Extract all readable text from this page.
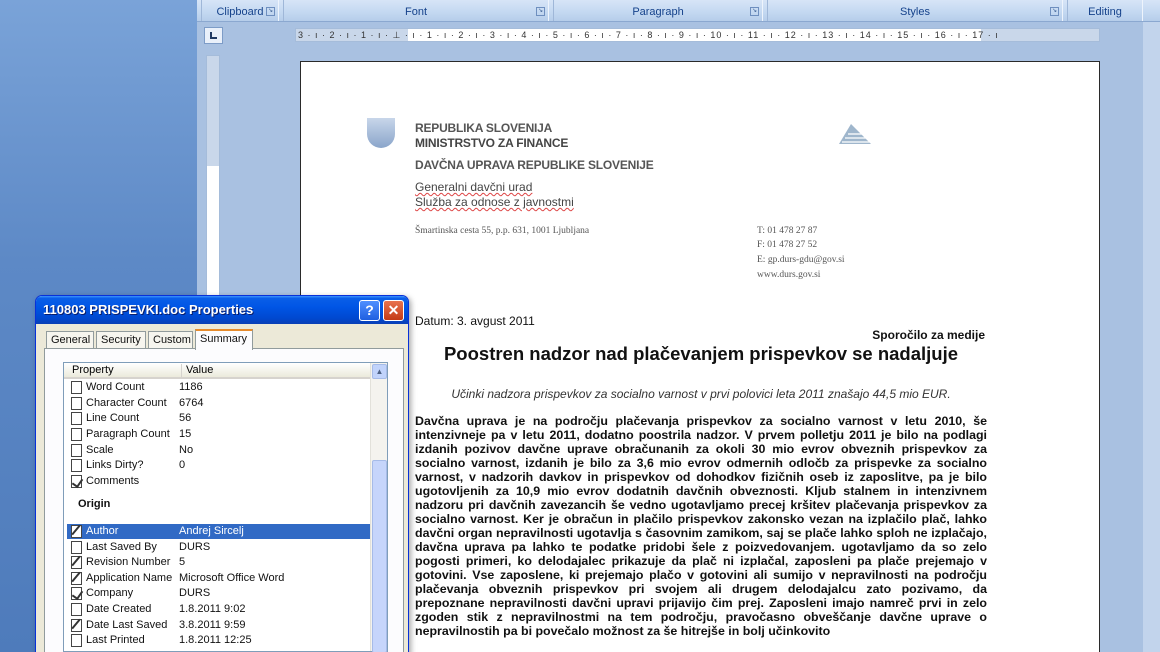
Clipboard ↘	Font	↘	Paragraph	↘	Styles	↘	Editing
3 · ı · 2 · ı · 1 · ı · ⊥ · ı · 1 · ı · 2 · ı · 3 · ı · 4 · ı · 5 · ı · 6 · ı · 7 · ı · 8 · ı · 9 · ı · 10 · ı · 11 · ı · 12 · ı · 13 · ı · 14 · ı · 15 · ı · 16 · ı · 17 · ı
REPUBLIKA SLOVENIJA
MINISTRSTVO ZA FINANCE
DAVČNA UPRAVA REPUBLIKE SLOVENIJE
Generalni davčni urad
Služba za odnose z javnostmi
Šmartinska cesta 55, p.p. 631, 1001 Ljubljana	T: 01 478 27 87
F: 01 478 27 52
E: gp.durs-gdu@gov.si
www.durs.gov.si
Datum: 3. avgust 2011
Sporočilo za medije
Poostren nadzor nad plačevanjem prispevkov se nadaljuje
Učinki nadzora prispevkov za socialno varnost v prvi polovici leta 2011 znašajo 44,5 mio EUR.
Davčna uprava je na področju plačevanja prispevkov za socialno varnost v letu 2010, še intenzivneje pa v letu 2011, dodatno poostrila nadzor. V prvem polletju 2011 je bilo na podlagi izdanih pozivov davčne uprave obračunanih za okoli 30 mio evrov obveznih prispevkov za socialno varnost, izdanih je bilo za 3,6 mio evrov odmernih odločb za prispevke za socialno varnost, v nadzorih davkov in prispevkov od dohodkov fizičnih oseb iz zaposlitve, pa je bilo ugotovljenih za 10,9 mio evrov dodatnih davčnih obveznosti. Kljub stalnem in intenzivnem nadzoru pri davčnih zavezancih še vedno ugotavljamo precej kršitev plačevanja prispevkov za socialno varnost. Ker je obračun in plačilo prispevkov zakonsko vezan na izplačilo plač, lahko davčni organ nepravilnosti ugotavlja s časovnim zamikom, saj se plače lahko sploh ne izplačajo, davčna uprava pa lahko te podatke pridobi šele z poizvedovanjem. ugotavljamo da so zelo pogosti primeri, ko delodajalec prikazuje da plač ni izplačal, zaposleni pa plače prejemajo v gotovini. Vse zaposlene, ki prejemajo plačo v gotovini ali sumijo v nepravilnosti na področju plačevanja obveznih prispevkov pri svojem ali drugem delodajalcu zato pozivamo, da prepoznane nepravilnosti davčni upravi prijavijo čim prej. Zaposleni imajo namreč prvi in zelo zgoden stik z nepravilnostmi na tem področju, pravočasno obveščanje davčne uprave o nepravilnostih pa bi povečalo možnost za še hitrejše in bolj učinkovito
110803 PRISPEVKI.doc Properties	? ✕
General Security	Custom Summary
Property	Value
Word Count	1186
Character Count 6764
Line Count	56
Paragraph Count 15
Scale	No
Links Dirty?	0
Comments
Origin
Author	Andrej Sircelj
Last Saved By DURS
Revision Number 5
Application Name Microsoft Office Word
Company	DURS
Date Created	1.8.2011 9:02
Date Last Saved 3.8.2011 9:59
Last Printed	1.8.2011 12:25
▲
